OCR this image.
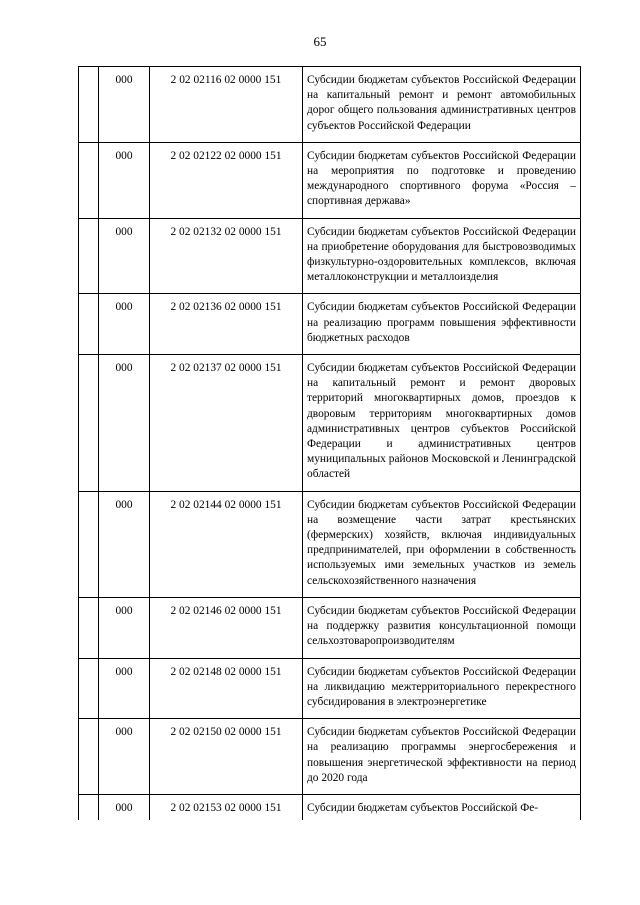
65
	000	2 02 02116 02 0000 151	Субсидии бюджетам субъектов Российской Федерации на капитальный ремонт и ремонт автомобильных дорог общего пользования административных центров субъектов Российской Федерации
	000	2 02 02122 02 0000 151	Субсидии бюджетам субъектов Российской Федерации на мероприятия по подготовке и проведению международного спортивного форума «Россия – спортивная держава»
	000	2 02 02132 02 0000 151	Субсидии бюджетам субъектов Российской Федерации на приобретение оборудования для быстровозводимых физкультурно-оздоровительных комплексов, включая металлоконструкции и металлоизделия
	000	2 02 02136 02 0000 151	Субсидии бюджетам субъектов Российской Федерации на реализацию программ повышения эффективности бюджетных расходов
	000	2 02 02137 02 0000 151	Субсидии бюджетам субъектов Российской Федерации на капитальный ремонт и ремонт дворовых территорий многоквартирных домов, проездов к дворовым территориям многоквартирных домов административных центров субъектов Российской Федерации и административных центров муниципальных районов Московской и Ленинградской областей
	000	2 02 02144 02 0000 151	Субсидии бюджетам субъектов Российской Федерации на возмещение части затрат крестьянских (фермерских) хозяйств, включая индивидуальных предпринимателей, при оформлении в собственность используемых ими земельных участков из земель сельскохозяйственного назначения
	000	2 02 02146 02 0000 151	Субсидии бюджетам субъектов Российской Федерации на поддержку развития консультационной помощи сельхозтоваропроизводителям
	000	2 02 02148 02 0000 151	Субсидии бюджетам субъектов Российской Федерации на ликвидацию межтерриториального перекрестного субсидирования в электроэнергетике
	000	2 02 02150 02 0000 151	Субсидии бюджетам субъектов Российской Федерации на реализацию программы энергосбережения и повышения энергетической эффективности на период до 2020 года
	000	2 02 02153 02 0000 151	Субсидии бюджетам субъектов Российской Фе-
